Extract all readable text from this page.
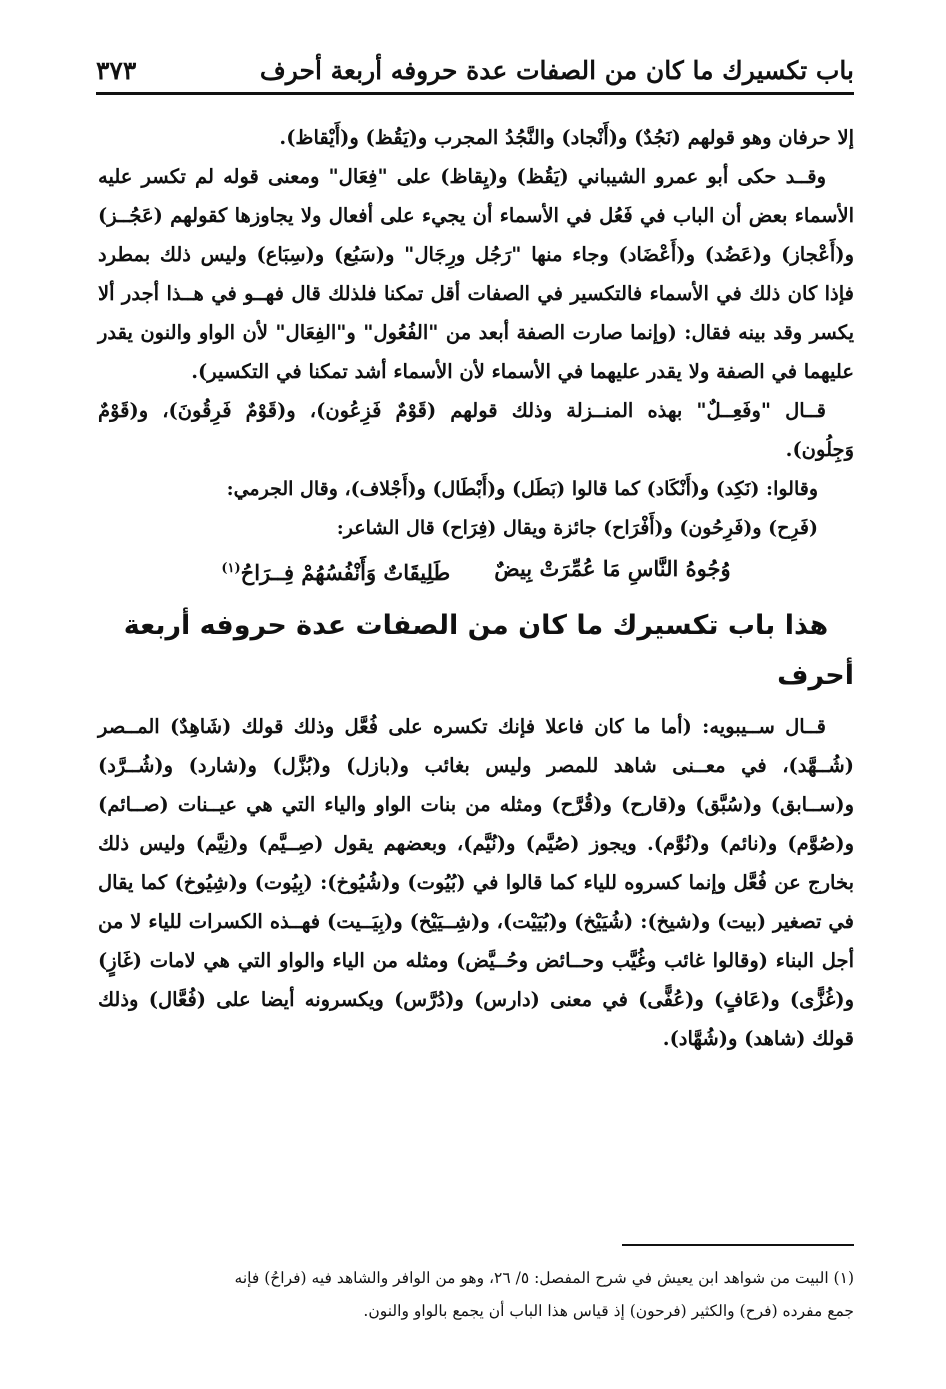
باب تكسيرك ما كان من الصفات عدة حروفه أربعة أحرف
٣٧٣

إلا حرفان وهو قولهم (نَجُدٌ) و(أَنْجاد) والنَّجُدُ المجرب و(يَقُظ) و(أَيْقاظ).

وقــد حكى أبو عمرو الشيباني (يَقُظ) و(يِقاظ) على "فِعَال" ومعنى قوله لم تكسر عليه الأسماء بعض أن الباب في فَعُل في الأسماء أن يجيء على أفعال ولا يجاوزها كقولهم (عَجُــز) و(أَعْجاز) و(عَضُد) و(أَعْضَاد) وجاء منها "رَجُل ورِجَال" و(سَبُع) و(سِبَاع) وليس ذلك بمطرد فإذا كان ذلك في الأسماء فالتكسير في الصفات أقل تمكنا فلذلك قال فهــو في هــذا أجدر ألا يكسر وقد بينه فقال: (وإنما صارت الصفة أبعد من "الفُعُول" و"الفِعَال" لأن الواو والنون يقدر عليهما في الصفة ولا يقدر عليهما في الأسماء لأن الأسماء أشد تمكنا في التكسير).

قــال "وفَعِــلٌ" بهذه المنــزلة وذلك قولهم (قَوْمٌ فَزِعُون)، و(قَوْمٌ فَرِقُونَ)، و(قَوْمٌ وَجِلُون).

وقالوا: (نَكِد) و(أَنْكَاد) كما قالوا (بَطَل) و(أَبْطَال) و(أَجْلاف)، وقال الجرمي:

(فَرِح) و(فَرِحُون) و(أَفْرَاح) جائزة ويقال (فِرَاح) قال الشاعر:

وُجُوهُ النَّاسِ مَا عُمِّرَتْ بِيضٌ
طَلِيقَاتٌ وَأَنْفُسُهُمْ فِــرَاحُ$^{(١)}$
هذا باب تكسيرك ما كان من الصفات عدة حروفه أربعة أحرف

قــال ســيبويه: (أما ما كان فاعلا فإنك تكسره على فُعَّل وذلك قولك (شَاهِدٌ) المــصر (شُــهَّد)، في معــنى شاهد للمصر وليس بغائب و(بازل) و(بُزَّل) و(شارد) و(شُــرَّد) و(ســابق) و(سُبَّق) و(قارح) و(قُرَّح) ومثله من بنات الواو والياء التي هي عيــنات (صــائم) و(صُوَّم) و(نائم) و(نُوَّم). ويجوز (صُيَّم) و(نُيَّم)، وبعضهم يقول (صِــيَّم) و(نِيَّم) وليس ذلك بخارج عن فُعَّل وإنما كسروه للياء كما قالوا في (بُيُوت) و(شُيُوخ): (بِيُوت) و(شِيُوخ) كما يقال في تصغير (بيت) و(شيخ): (شُيَيْخ) و(بُيَيْت)، و(شِــيَيْخ) و(بِيَــيت) فهــذه الكسرات للياء لا من أجل البناء (وقالوا غائب وغُيَّب وحــائض وحُــيَّض) ومثله من الياء والواو التي هي لامات (غَازٍ) و(غُزًّى) و(عَافٍ) و(عُفًّى) في معنى (دارس) و(دُرَّس) ويكسرونه أيضا على (فُعَّال) وذلك قولك (شاهد) و(شُهَّاد).

(١) البيت من شواهد ابن يعيش في شرح المفصل: ٥/ ٢٦، وهو من الوافر والشاهد فيه (فراحُ) فإنه

جمع مفرده (فرح) والكثير (فرحون) إذ قياس هذا الباب أن يجمع بالواو والنون.
